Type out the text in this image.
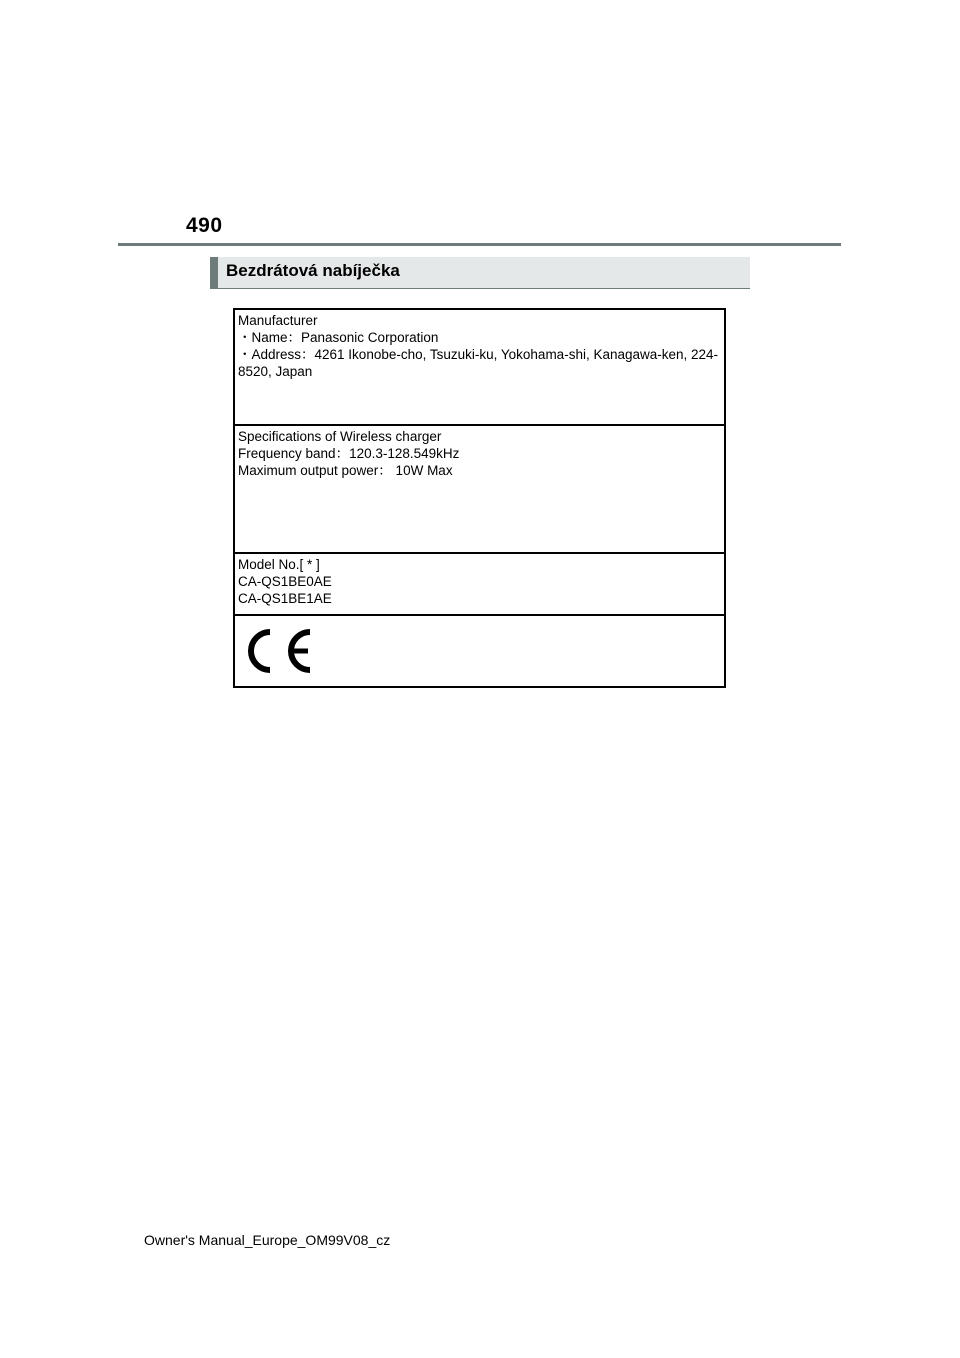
490
Bezdrátová nabíječka
Manufacturer
・Name：Panasonic Corporation
・Address：4261 Ikonobe-cho, Tsuzuki-ku, Yokohama-shi, Kanagawa-ken, 224-
8520, Japan
Specifications of Wireless charger
Frequency band：120.3-128.549kHz
Maximum output power： 10W Max
Model No.[ * ]
CA-QS1BE0AE
CA-QS1BE1AE
Owner's Manual_Europe_OM99V08_cz
